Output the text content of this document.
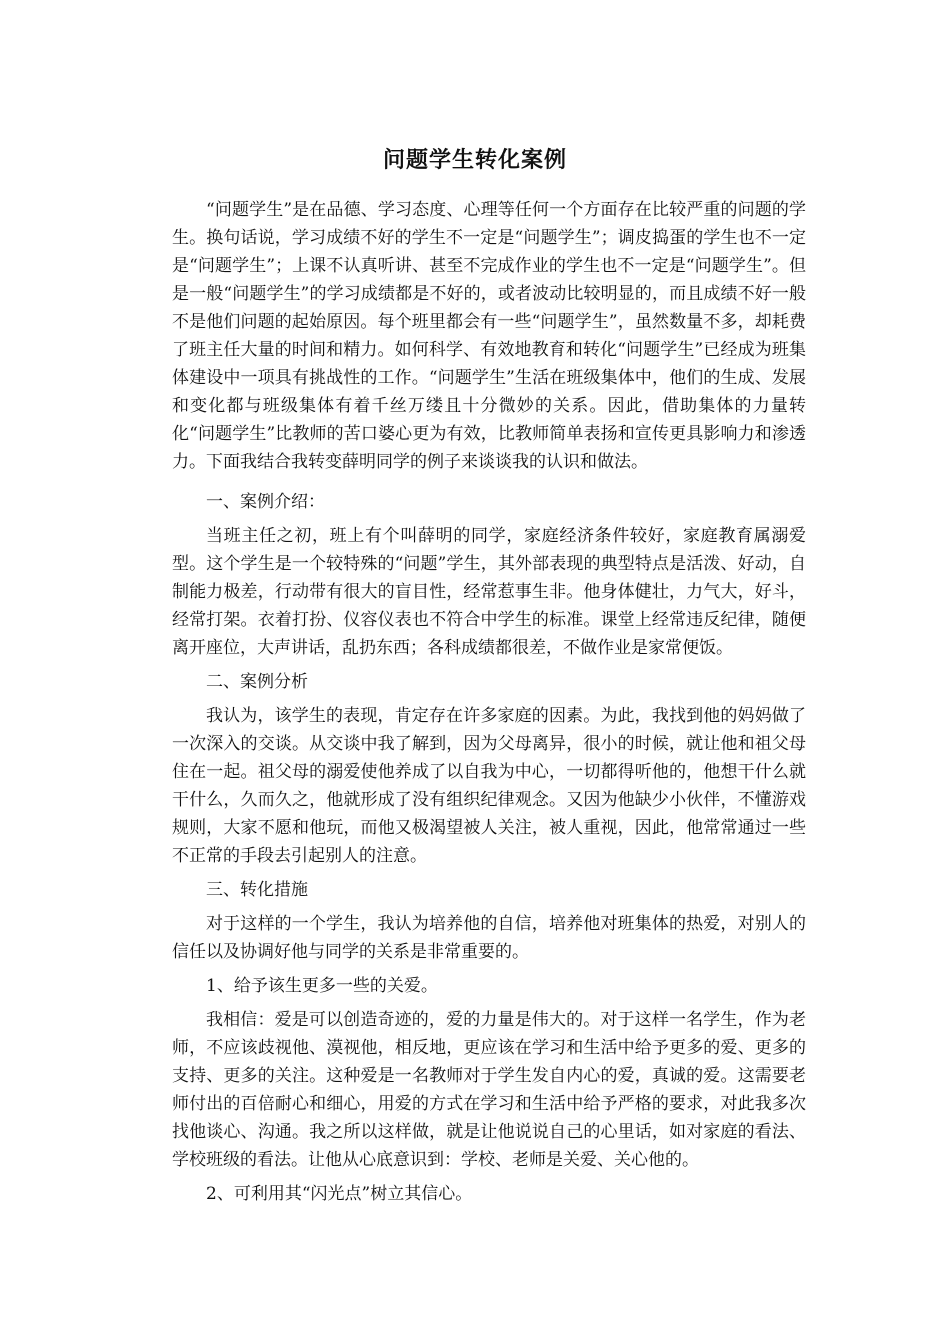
问题学生转化案例

“问题学生”是在品德、学习态度、心理等任何一个方面存在比较严重的问题的学生。换句话说，学习成绩不好的学生不一定是“问题学生”；调皮捣蛋的学生也不一定是“问题学生”；上课不认真听讲、甚至不完成作业的学生也不一定是“问题学生”。但是一般“问题学生”的学习成绩都是不好的，或者波动比较明显的，而且成绩不好一般不是他们问题的起始原因。每个班里都会有一些“问题学生”，虽然数量不多，却耗费了班主任大量的时间和精力。如何科学、有效地教育和转化“问题学生”已经成为班集体建设中一项具有挑战性的工作。“问题学生”生活在班级集体中，他们的生成、发展和变化都与班级集体有着千丝万缕且十分微妙的关系。因此，借助集体的力量转化“问题学生”比教师的苦口婆心更为有效，比教师简单表扬和宣传更具影响力和渗透力。下面我结合我转变薛明同学的例子来谈谈我的认识和做法。

一、案例介绍：

当班主任之初，班上有个叫薛明的同学，家庭经济条件较好，家庭教育属溺爱型。这个学生是一个较特殊的“问题”学生，其外部表现的典型特点是活泼、好动，自制能力极差，行动带有很大的盲目性，经常惹事生非。他身体健壮，力气大，好斗，经常打架。衣着打扮、仪容仪表也不符合中学生的标准。课堂上经常违反纪律，随便离开座位，大声讲话，乱扔东西；各科成绩都很差，不做作业是家常便饭。

二、案例分析

我认为，该学生的表现，肯定存在许多家庭的因素。为此，我找到他的妈妈做了一次深入的交谈。从交谈中我了解到，因为父母离异，很小的时候，就让他和祖父母住在一起。祖父母的溺爱使他养成了以自我为中心，一切都得听他的，他想干什么就干什么，久而久之，他就形成了没有组织纪律观念。又因为他缺少小伙伴，不懂游戏规则，大家不愿和他玩，而他又极渴望被人关注，被人重视，因此，他常常通过一些不正常的手段去引起别人的注意。

三、转化措施

对于这样的一个学生，我认为培养他的自信，培养他对班集体的热爱，对别人的信任以及协调好他与同学的关系是非常重要的。

1、给予该生更多一些的关爱。

我相信：爱是可以创造奇迹的，爱的力量是伟大的。对于这样一名学生，作为老师，不应该歧视他、漠视他，相反地，更应该在学习和生活中给予更多的爱、更多的支持、更多的关注。这种爱是一名教师对于学生发自内心的爱，真诚的爱。这需要老师付出的百倍耐心和细心，用爱的方式在学习和生活中给予严格的要求，对此我多次找他谈心、沟通。我之所以这样做，就是让他说说自己的心里话，如对家庭的看法、学校班级的看法。让他从心底意识到：学校、老师是关爱、关心他的。

2、可利用其“闪光点”树立其信心。
